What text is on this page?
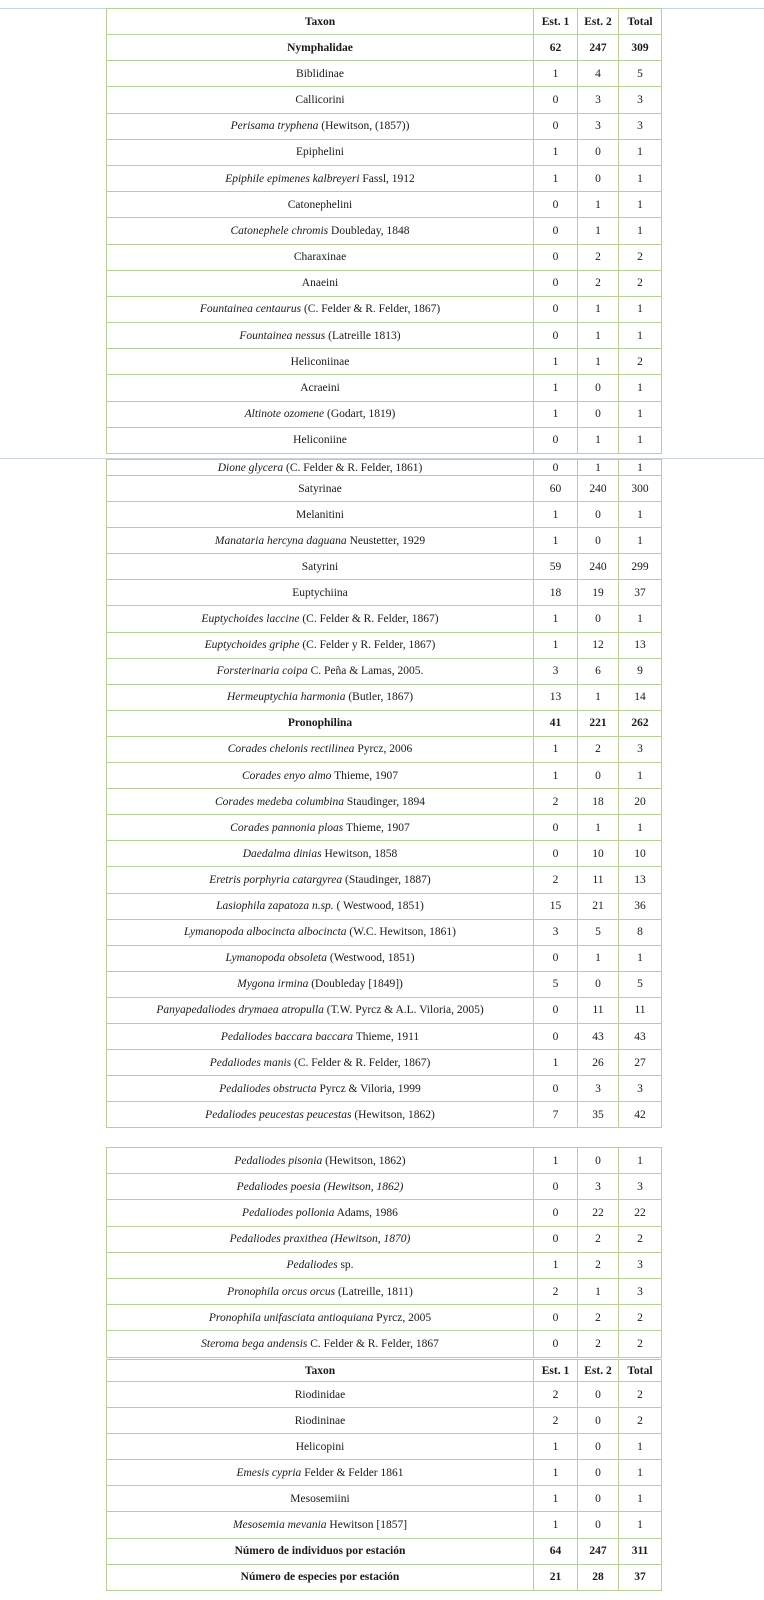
Taxon	Est. 1	Est. 2	Total
Nymphalidae	62	247	309
Biblidinae	1	4	5
Callicorini	0	3	3
Perisama tryphena (Hewitson, (1857))	0	3	3
Epiphelini	1	0	1
Epiphile epimenes kalbreyeri Fassl, 1912	1	0	1
Catonephelini	0	1	1
Catonephele chromis Doubleday, 1848	0	1	1
Charaxinae	0	2	2
Anaeini	0	2	2
Fountainea centaurus (C. Felder & R. Felder, 1867)	0	1	1
Fountainea nessus (Latreille 1813)	0	1	1
Heliconiinae	1	1	2
Acraeini	1	0	1
Altinote ozomene (Godart, 1819)	1	0	1
Heliconiine	0	1	1
Dione glycera (C. Felder & R. Felder, 1861)	0	1	1
Satyrinae	60	240	300
Melanitini	1	0	1
Manataria hercyna daguana Neustetter, 1929	1	0	1
Satyrini	59	240	299
Euptychiina	18	19	37
Euptychoides laccine (C. Felder & R. Felder, 1867)	1	0	1
Euptychoides griphe (C. Felder y R. Felder, 1867)	1	12	13
Forsterinaria coipa C. Peña & Lamas, 2005.	3	6	9
Hermeuptychia harmonia (Butler, 1867)	13	1	14
Pronophilina	41	221	262
Corades chelonis rectilinea Pyrcz, 2006	1	2	3
Corades enyo almo Thieme, 1907	1	0	1
Corades medeba columbina Staudinger, 1894	2	18	20
Corades pannonia ploas Thieme, 1907	0	1	1
Daedalma dinias Hewitson, 1858	0	10	10
Eretris porphyria catargyrea (Staudinger, 1887)	2	11	13
Lasiophila zapatoza n.sp. ( Westwood, 1851)	15	21	36
Lymanopoda albocincta albocincta (W.C. Hewitson, 1861)	3	5	8
Lymanopoda obsoleta (Westwood, 1851)	0	1	1
Mygona irmina (Doubleday [1849])	5	0	5
Panyapedaliodes drymaea atropulla (T.W. Pyrcz & A.L. Viloria, 2005)	0	11	11
Pedaliodes baccara baccara Thieme, 1911	0	43	43
Pedaliodes manis (C. Felder & R. Felder, 1867)	1	26	27
Pedaliodes obstructa Pyrcz & Viloria, 1999	0	3	3
Pedaliodes peucestas peucestas (Hewitson, 1862)	7	35	42
Pedaliodes pisonia (Hewitson, 1862)	1	0	1
Pedaliodes poesia (Hewitson, 1862)	0	3	3
Pedaliodes pollonia Adams, 1986	0	22	22
Pedaliodes praxithea (Hewitson, 1870)	0	2	2
Pedaliodes sp.	1	2	3
Pronophila orcus orcus (Latreille, 1811)	2	1	3
Pronophila unifasciata antioquiana Pyrcz, 2005	0	2	2
Steroma bega andensis C. Felder & R. Felder, 1867	0	2	2
Taxon	Est. 1	Est. 2	Total
Riodinidae	2	0	2
Riodininae	2	0	2
Helicopini	1	0	1
Emesis cypria Felder & Felder 1861	1	0	1
Mesosemiini	1	0	1
Mesosemia mevania Hewitson [1857]	1	0	1
Número de individuos por estación	64	247	311
Número de especies por estación	21	28	37
